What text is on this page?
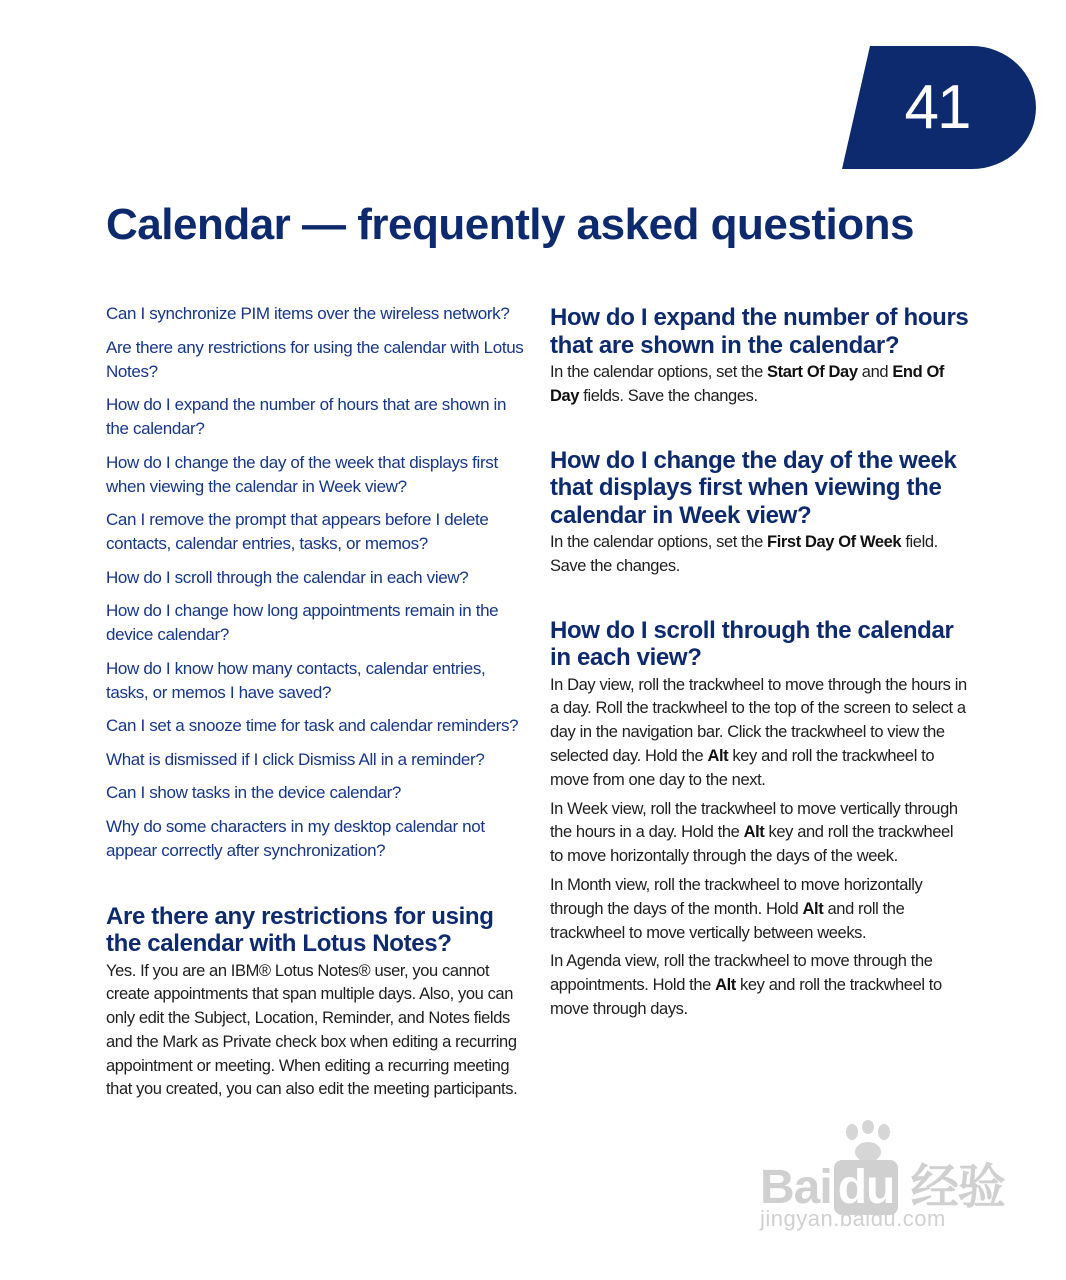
41
Calendar — frequently asked questions
Can I synchronize PIM items over the wireless network?
Are there any restrictions for using the calendar with Lotus Notes?
How do I expand the number of hours that are shown in the calendar?
How do I change the day of the week that displays first when viewing the calendar in Week view?
Can I remove the prompt that appears before I delete contacts, calendar entries, tasks, or memos?
How do I scroll through the calendar in each view?
How do I change how long appointments remain in the device calendar?
How do I know how many contacts, calendar entries, tasks, or memos I have saved?
Can I set a snooze time for task and calendar reminders?
What is dismissed if I click Dismiss All in a reminder?
Can I show tasks in the device calendar?
Why do some characters in my desktop calendar not appear correctly after synchronization?
Are there any restrictions for using the calendar with Lotus Notes?

Yes. If you are an IBM® Lotus Notes® user, you cannot create appointments that span multiple days. Also, you can only edit the Subject, Location, Reminder, and Notes fields and the Mark as Private check box when editing a recurring appointment or meeting. When editing a recurring meeting that you created, you can also edit the meeting participants.

How do I expand the number of hours that are shown in the calendar?

In the calendar options, set the Start Of Day and End Of Day fields. Save the changes.

How do I change the day of the week that displays first when viewing the calendar in Week view?

In the calendar options, set the First Day Of Week field. Save the changes.

How do I scroll through the calendar in each view?

In Day view, roll the trackwheel to move through the hours in a day. Roll the trackwheel to the top of the screen to select a day in the navigation bar. Click the trackwheel to view the selected day. Hold the Alt key and roll the trackwheel to move from one day to the next.

In Week view, roll the trackwheel to move vertically through the hours in a day. Hold the Alt key and roll the trackwheel to move horizontally through the days of the week.

In Month view, roll the trackwheel to move horizontally through the days of the month. Hold Alt and roll the trackwheel to move vertically between weeks.

In Agenda view, roll the trackwheel to move through the appointments. Hold the Alt key and roll the trackwheel to move through days.

Bai du 经验
jingyan.baidu.com
